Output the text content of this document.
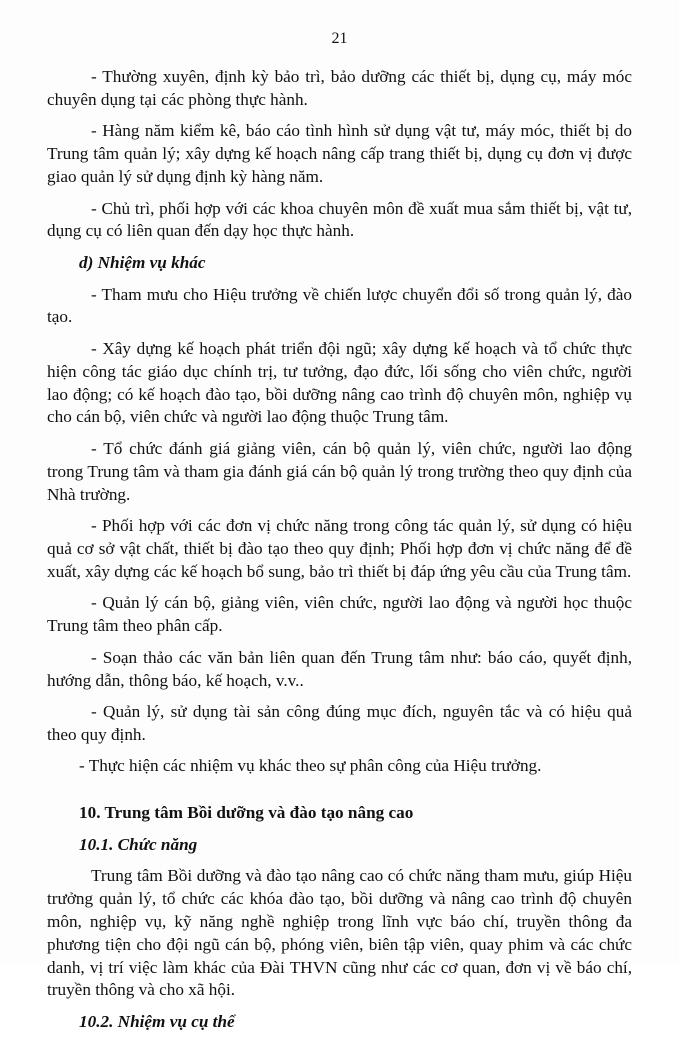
21

- Thường xuyên, định kỳ bảo trì, bảo dưỡng các thiết bị, dụng cụ, máy móc chuyên dụng tại các phòng thực hành.

- Hàng năm kiểm kê, báo cáo tình hình sử dụng vật tư, máy móc, thiết bị do Trung tâm quản lý; xây dựng kế hoạch nâng cấp trang thiết bị, dụng cụ đơn vị được giao quản lý sử dụng định kỳ hàng năm.

- Chủ trì, phối hợp với các khoa chuyên môn đề xuất mua sắm thiết bị, vật tư, dụng cụ có liên quan đến dạy học thực hành.

d) Nhiệm vụ khác

- Tham mưu cho Hiệu trưởng về chiến lược chuyển đổi số trong quản lý, đào tạo.

- Xây dựng kế hoạch phát triển đội ngũ; xây dựng kế hoạch và tổ chức thực hiện công tác giáo dục chính trị, tư tưởng, đạo đức, lối sống cho viên chức, người lao động; có kế hoạch đào tạo, bồi dưỡng nâng cao trình độ chuyên môn, nghiệp vụ cho cán bộ, viên chức và người lao động thuộc Trung tâm.

- Tổ chức đánh giá giảng viên, cán bộ quản lý, viên chức, người lao động trong Trung tâm và tham gia đánh giá cán bộ quản lý trong trường theo quy định của Nhà trường.

- Phối hợp với các đơn vị chức năng trong công tác quản lý, sử dụng có hiệu quả cơ sở vật chất, thiết bị đào tạo theo quy định; Phối hợp đơn vị chức năng để đề xuất, xây dựng các kế hoạch bổ sung, bảo trì thiết bị đáp ứng yêu cầu của Trung tâm.

- Quản lý cán bộ, giảng viên, viên chức, người lao động và người học thuộc Trung tâm theo phân cấp.

- Soạn thảo các văn bản liên quan đến Trung tâm như: báo cáo, quyết định, hướng dẫn, thông báo, kế hoạch, v.v..

- Quản lý, sử dụng tài sản công đúng mục đích, nguyên tắc và có hiệu quả theo quy định.

- Thực hiện các nhiệm vụ khác theo sự phân công của Hiệu trưởng.

10. Trung tâm Bồi dưỡng và đào tạo nâng cao

10.1. Chức năng

Trung tâm Bồi dưỡng và đào tạo nâng cao có chức năng tham mưu, giúp Hiệu trưởng quản lý, tổ chức các khóa đào tạo, bồi dưỡng và nâng cao trình độ chuyên môn, nghiệp vụ, kỹ năng nghề nghiệp trong lĩnh vực báo chí, truyền thông đa phương tiện cho đội ngũ cán bộ, phóng viên, biên tập viên, quay phim và các chức danh, vị trí việc làm khác của Đài THVN cũng như các cơ quan, đơn vị về báo chí, truyền thông và cho xã hội.

10.2. Nhiệm vụ cụ thể
